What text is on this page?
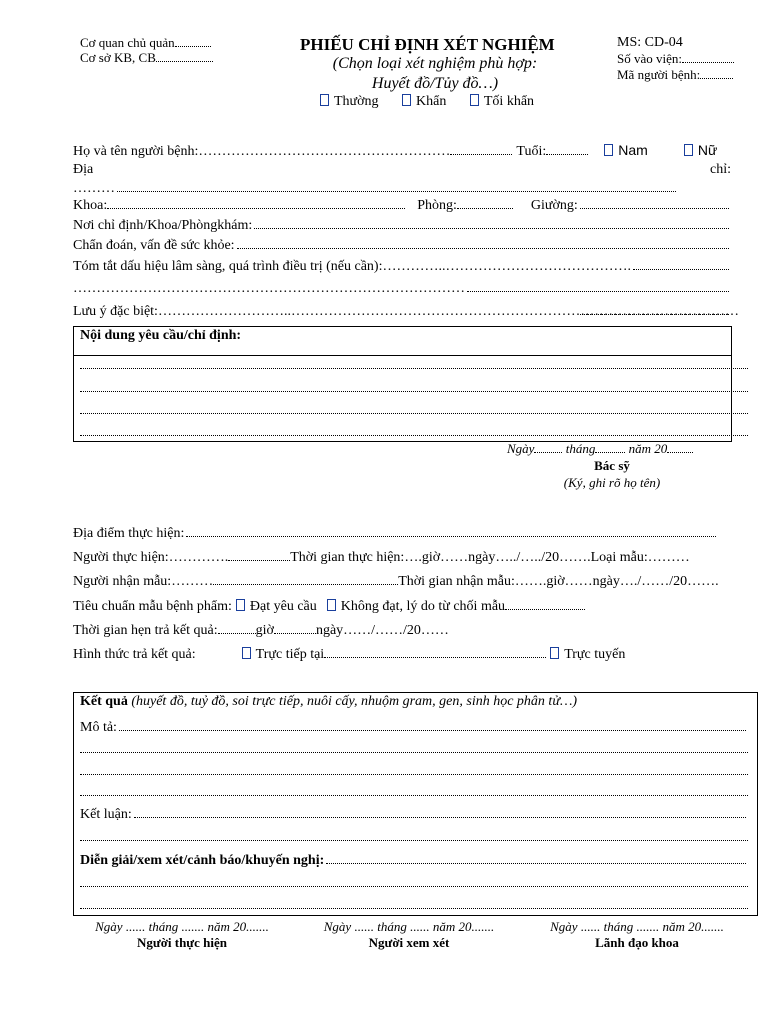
Cơ quan chủ quản
Cơ sở KB, CB
PHIẾU CHỈ ĐỊNH XÉT NGHIỆM
(Chọn loại xét nghiệm phù hợp:
Huyết đồ/Tủy đồ…)
Thường	Khẩn	Tối khẩn
MS: CD-04
Số vào viện:
Mã người bệnh:
Họ và tên người bệnh: ………………………………………………	Tuổi:	Nam	Nữ
Địa	chỉ:
………
Khoa:	Phòng:	Giường:
Nơi chỉ định/Khoa/Phòngkhám:
Chẩn đoán, vấn đề sức khỏe:
Tóm tắt dấu hiệu lâm sàng, quá trình điều trị (nếu cần): …………..………………………………….
…………………………………………………………………………
Lưu ý đặc biệt: ………………………..……………………………………………………………………………………
Nội dung yêu cầu/chỉ định:
Ngày tháng	năm 20
Bác sỹ
(Ký, ghi rõ họ tên)
Địa điểm thực hiện:
Người thực hiện: ………….	Thời gian thực hiện: ….giờ……ngày…../…../20……. Loại mẫu: ………
Người nhận mẫu: ………	Thời gian nhận mẫu: …….giờ……ngày…./……/20…….
Tiêu chuẩn mẫu bệnh phẩm:	Đạt yêu cầu	Không đạt, lý do từ chối mẫu
Thời gian hẹn trả kết quả:	giờ	ngày……/……/20……
Hình thức trả kết quả:	Trực tiếp tại	Trực tuyến
Kết quả (huyết đồ, tuỷ đồ, soi trực tiếp, nuôi cấy, nhuộm gram, gen, sinh học phân tử…)
Mô tả:
Kết luận:
Diễn giải/xem xét/cảnh báo/khuyến nghị:
Ngày ...... tháng ....... năm 20.......
Người thực hiện
Ngày ...... tháng ...... năm 20.......
Người xem xét
Ngày ...... tháng ....... năm 20.......
Lãnh đạo khoa
